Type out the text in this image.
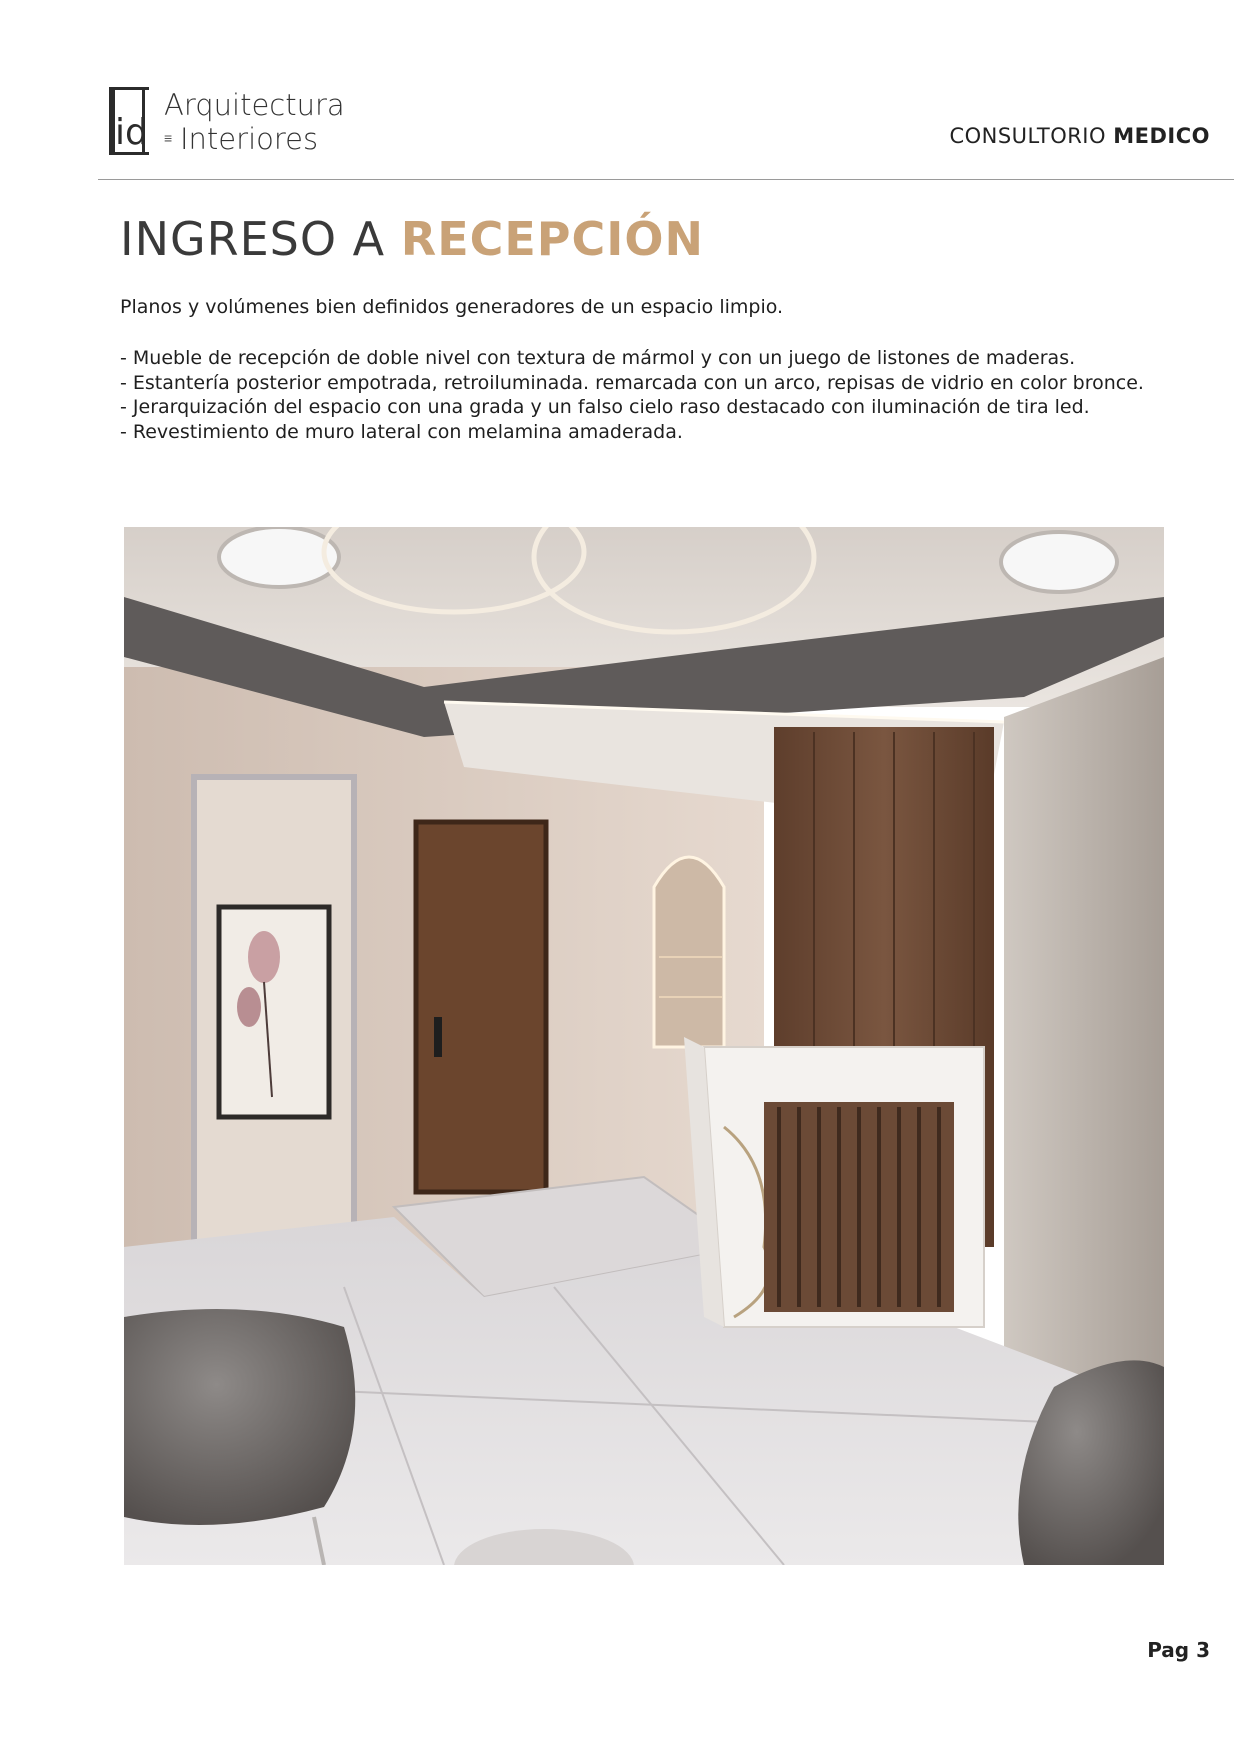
id
Arquitectura
≡ Interiores	CONSULTORIO MEDICO
INGRESO A RECEPCIÓN

Planos y volúmenes bien definidos generadores de un espacio limpio.

- Mueble de recepción de doble nivel con textura de mármol y con un juego de listones de maderas.
- Estantería posterior empotrada, retroiluminada. remarcada con un arco, repisas de vidrio en color bronce.
- Jerarquización del espacio con una grada y un falso cielo raso destacado con iluminación de tira led.
- Revestimiento de muro lateral con melamina amaderada.
Pag 3
